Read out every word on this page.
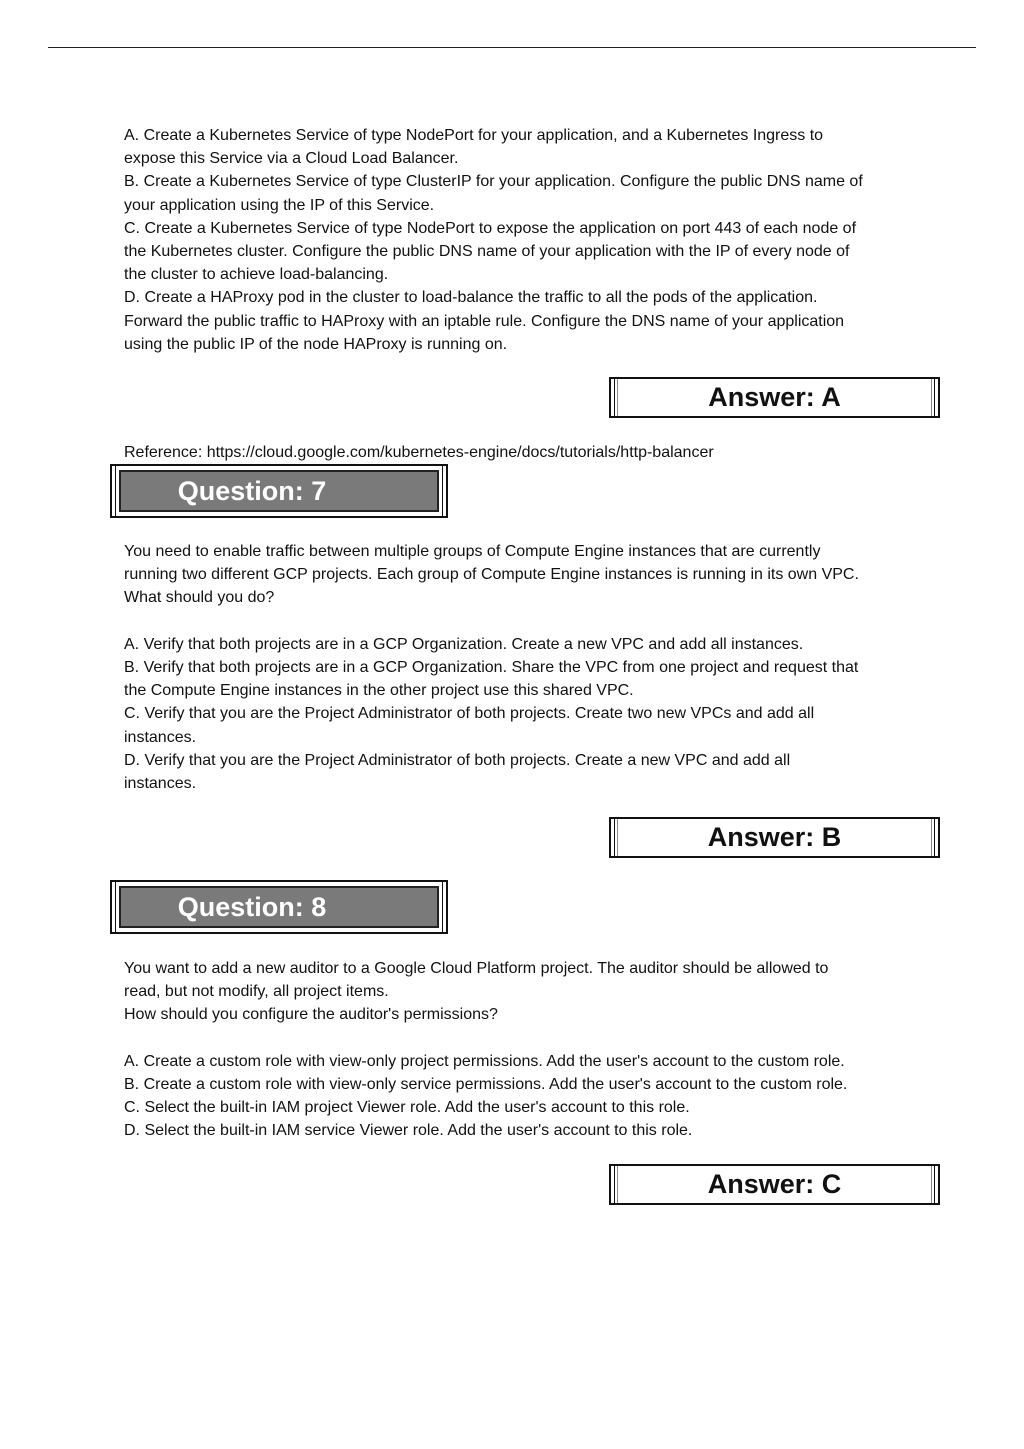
A. Create a Kubernetes Service of type NodePort for your application, and a Kubernetes Ingress to
expose this Service via a Cloud Load Balancer.
B. Create a Kubernetes Service of type ClusterIP for your application. Configure the public DNS name of
your application using the IP of this Service.
C. Create a Kubernetes Service of type NodePort to expose the application on port 443 of each node of
the Kubernetes cluster. Configure the public DNS name of your application with the IP of every node of
the cluster to achieve load-balancing.
D. Create a HAProxy pod in the cluster to load-balance the traffic to all the pods of the application.
Forward the public traffic to HAProxy with an iptable rule. Configure the DNS name of your application
using the public IP of the node HAProxy is running on.
Answer: A
Reference: https://cloud.google.com/kubernetes-engine/docs/tutorials/http-balancer
Question: 7
You need to enable traffic between multiple groups of Compute Engine instances that are currently
running two different GCP projects. Each group of Compute Engine instances is running in its own VPC.
What should you do?
A. Verify that both projects are in a GCP Organization. Create a new VPC and add all instances.
B. Verify that both projects are in a GCP Organization. Share the VPC from one project and request that
the Compute Engine instances in the other project use this shared VPC.
C. Verify that you are the Project Administrator of both projects. Create two new VPCs and add all
instances.
D. Verify that you are the Project Administrator of both projects. Create a new VPC and add all
instances.
Answer: B
Question: 8
You want to add a new auditor to a Google Cloud Platform project. The auditor should be allowed to
read, but not modify, all project items.
How should you configure the auditor's permissions?
A. Create a custom role with view-only project permissions. Add the user's account to the custom role.
B. Create a custom role with view-only service permissions. Add the user's account to the custom role.
C. Select the built-in IAM project Viewer role. Add the user's account to this role.
D. Select the built-in IAM service Viewer role. Add the user's account to this role.
Answer: C
